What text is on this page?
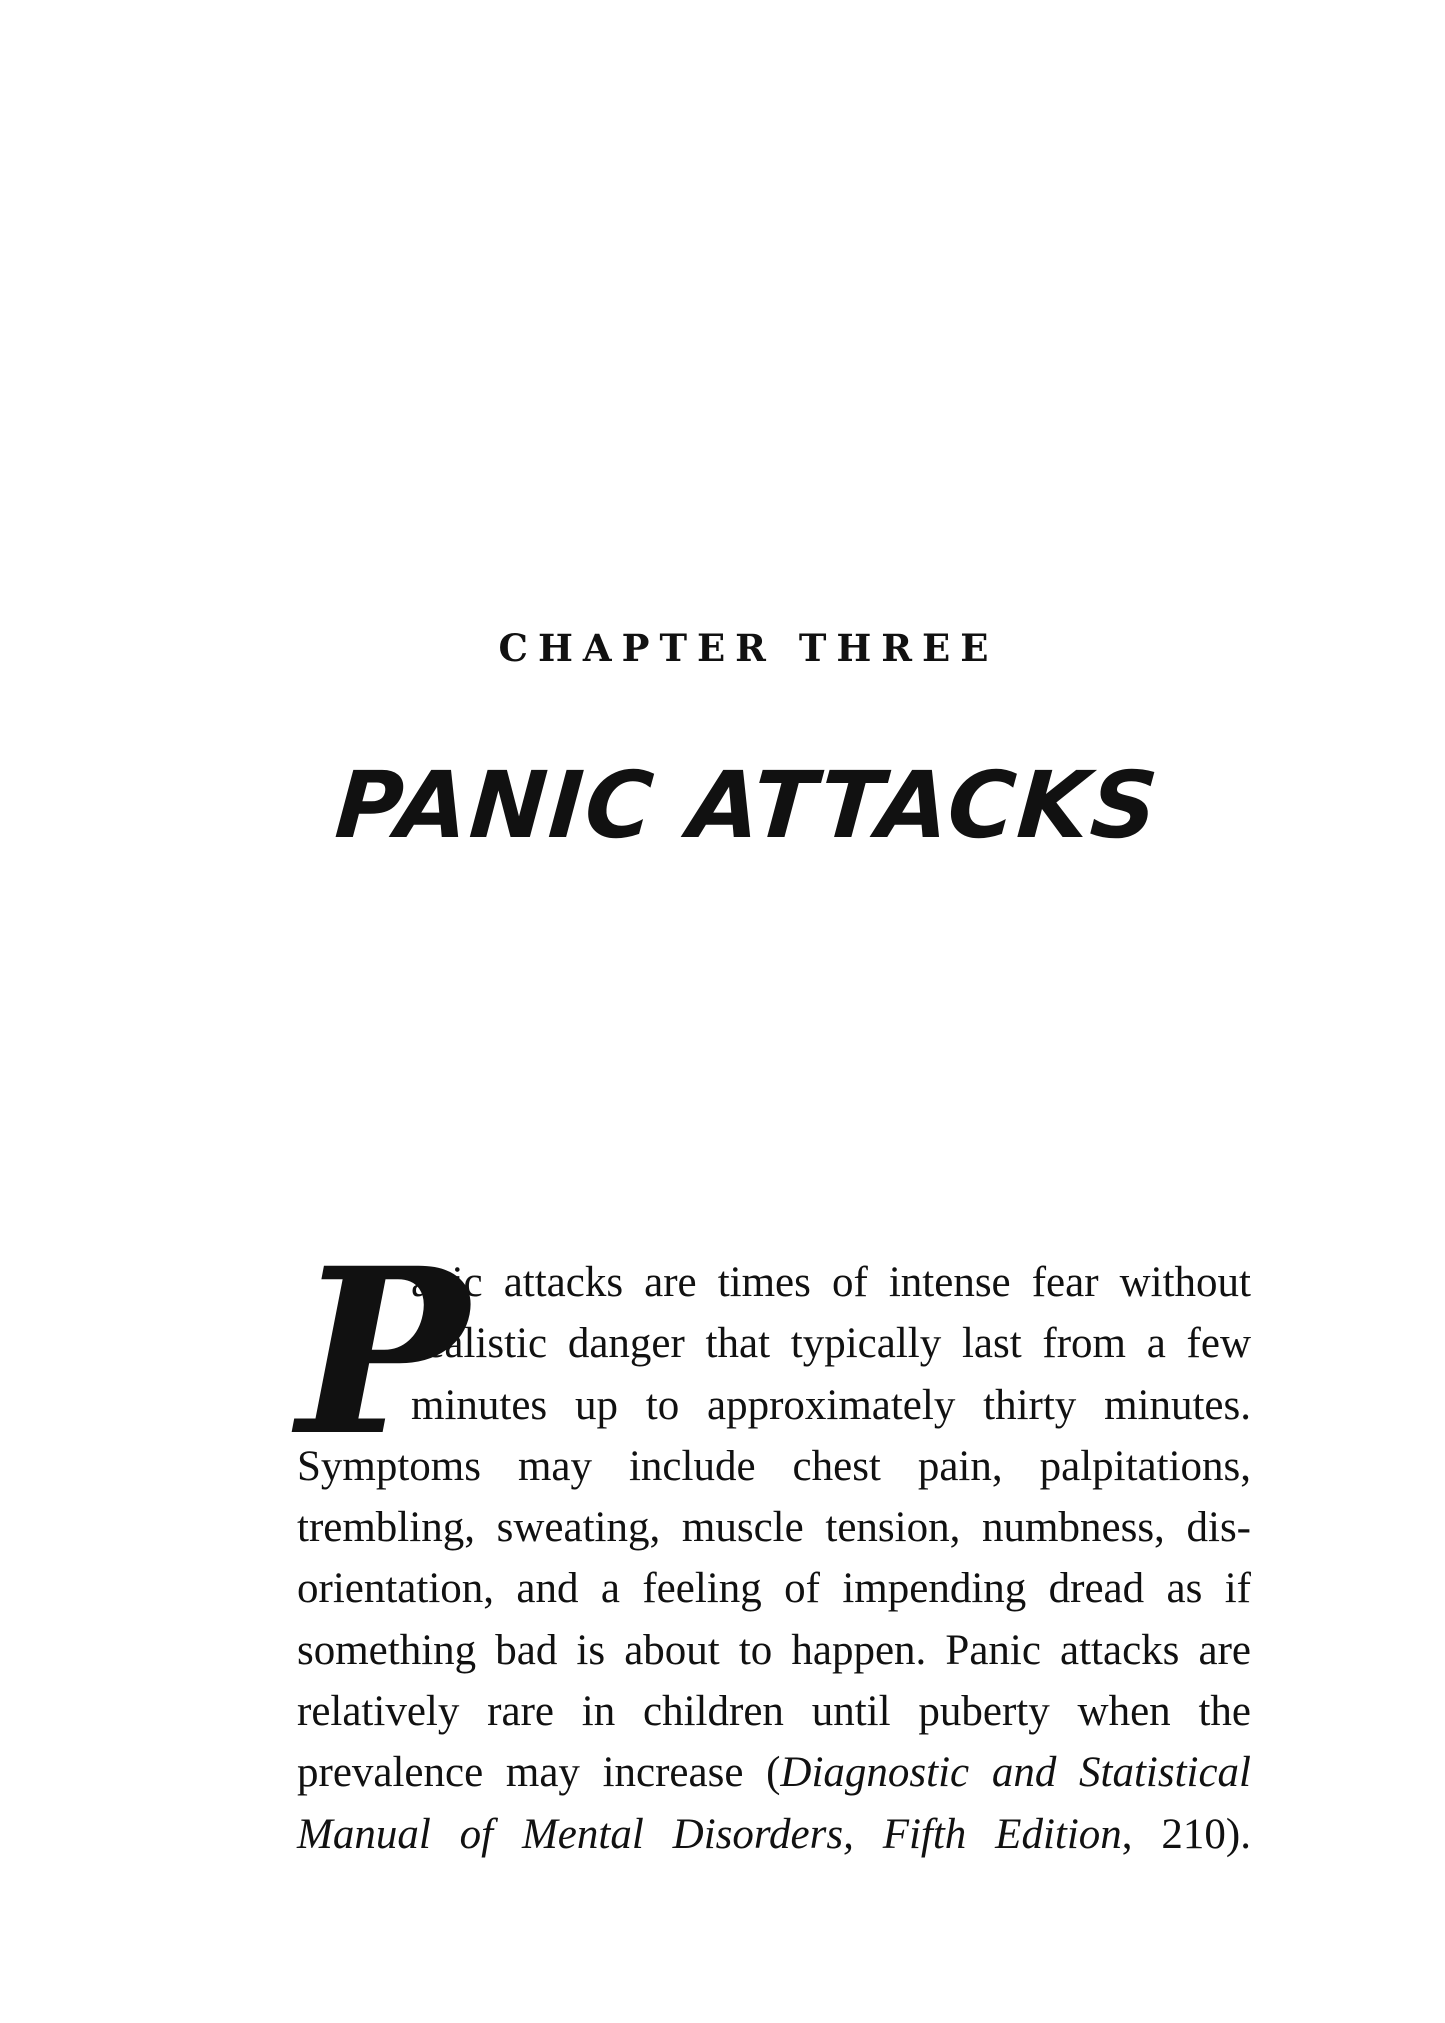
CHAPTER THREE
PANIC ATTACKS
P
anic attacks are times of intense fear without
realistic danger that typically last from a few
minutes up to approximately thirty minutes.
Symptoms may include chest pain, palpitations,
trembling, sweating, muscle tension, numbness, dis-
orientation, and a feeling of impending dread as if
something bad is about to happen. Panic attacks are
relatively rare in children until puberty when the
prevalence may increase (Diagnostic and Statistical
Manual of Mental Disorders, Fifth Edition, 210).
